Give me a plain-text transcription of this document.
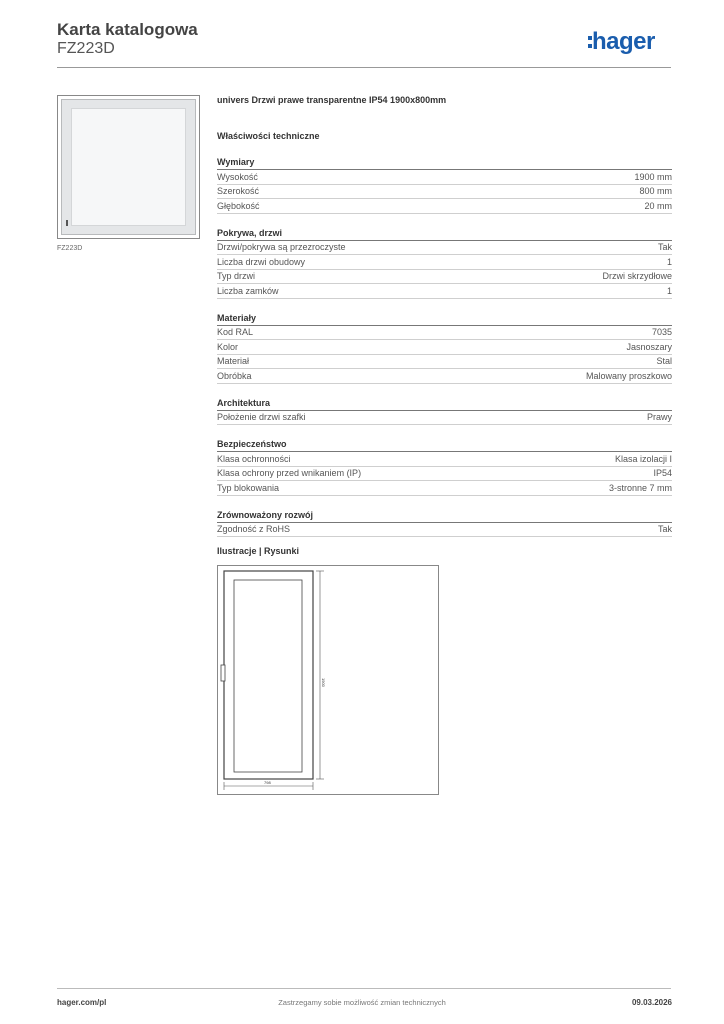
Karta katalogowa
FZ223D	hager
FZ223D
univers Drzwi prawe transparentne IP54 1900x800mm
Właściwości techniczne
Wymiary
Wysokość	1900 mm
Szerokość	800 mm
Głębokość	20 mm
Pokrywa, drzwi
Drzwi/pokrywa są przezroczyste	Tak
Liczba drzwi obudowy	1
Typ drzwi	Drzwi skrzydłowe
Liczba zamków	1
Materiały
Kod RAL	7035
Kolor	Jasnoszary
Materiał	Stal
Obróbka	Malowany proszkowo
Architektura
Położenie drzwi szafki	Prawy
Bezpieczeństwo
Klasa ochronności	Klasa izolacji I
Klasa ochrony przed wnikaniem (IP)	IP54
Typ blokowania	3-stronne 7 mm
Zrównoważony rozwój
Zgodność z RoHS	Tak
Ilustracje | Rysunki
1900
798
hager.com/pl	Zastrzegamy sobie możliwość zmian technicznych	09.03.2026
